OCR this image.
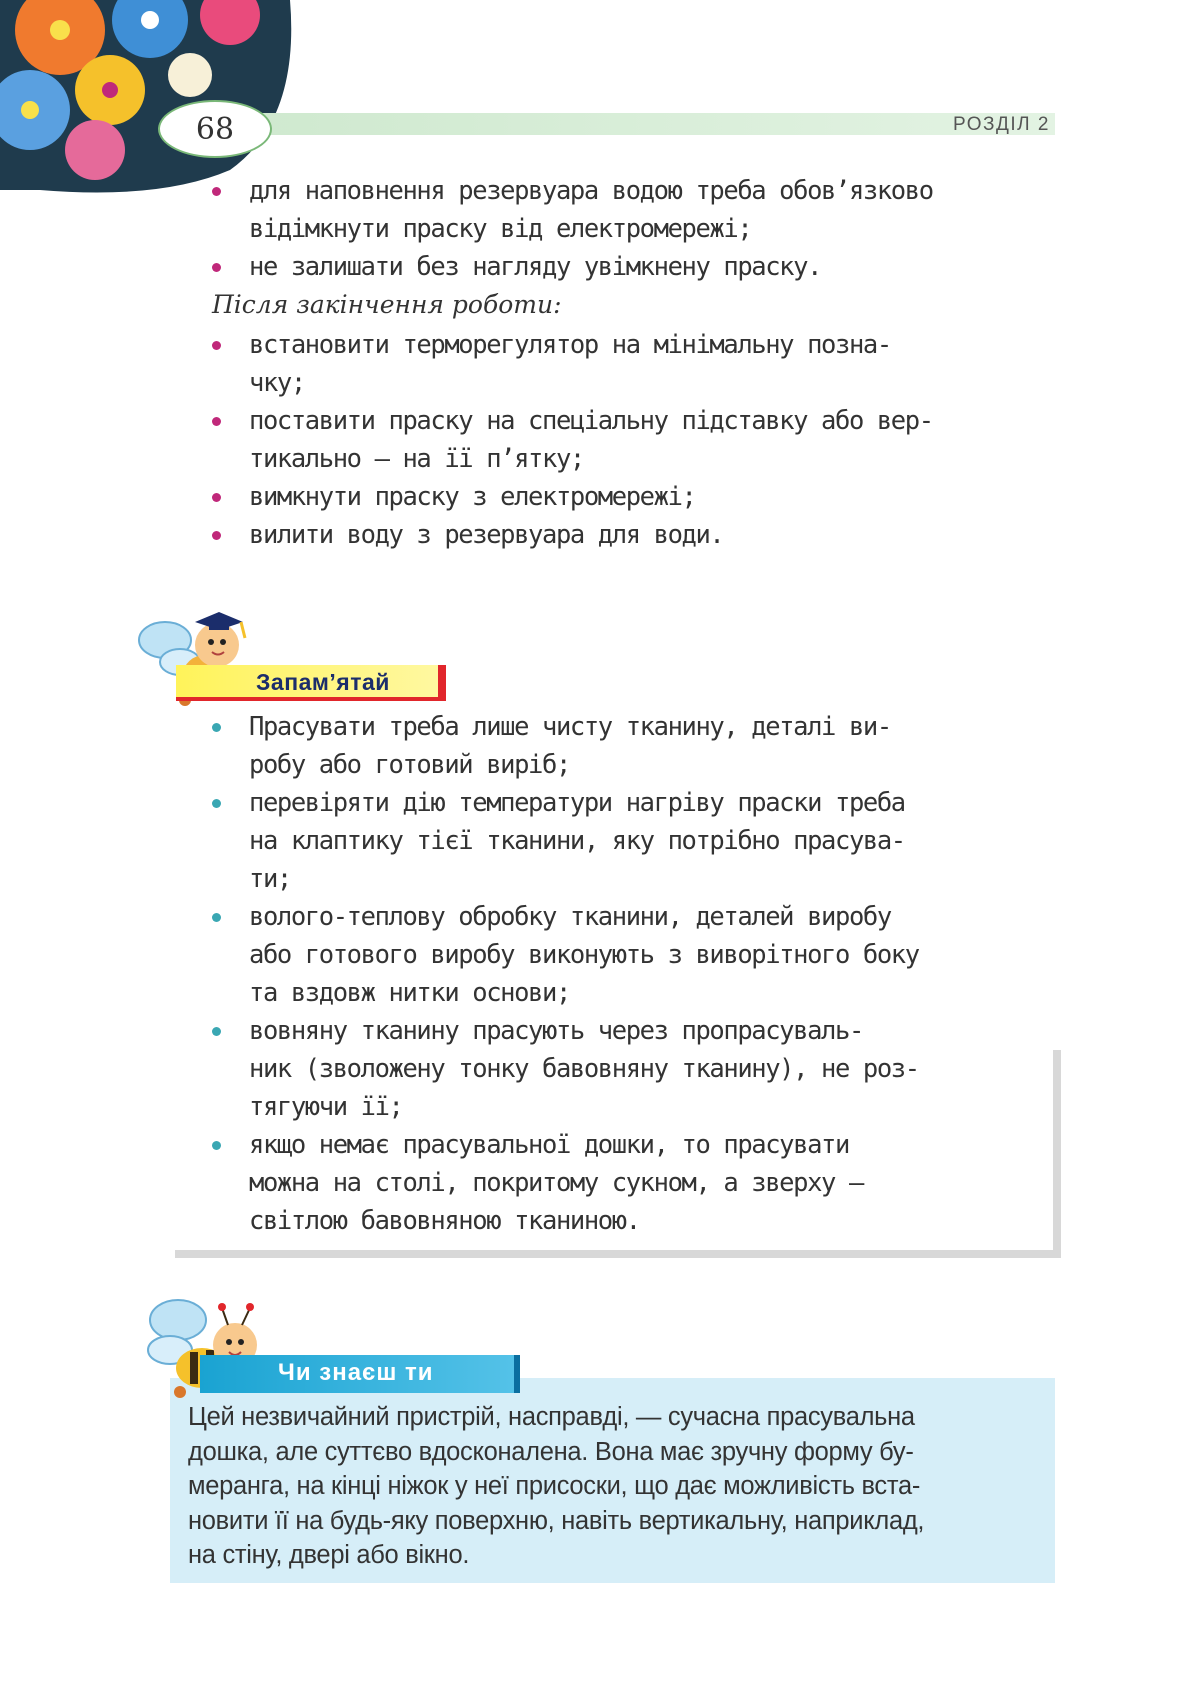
68	РОЗДІЛ 2
для наповнення резервуара водою треба обов’язково
відімкнути праску від електромережі;
не залишати без нагляду увімкнену праску.
Після закінчення роботи:
встановити терморегулятор на мінімальну позна-
чку;
поставити праску на спеціальну підставку або вер-
тикально — на її п’ятку;
вимкнути праску з електромережі;
вилити воду з резервуара для води.
Запам’ятай
Прасувати треба лише чисту тканину, деталі ви-
робу або готовий виріб;
перевіряти дію температури нагріву праски треба
на клаптику тієї тканини, яку потрібно прасува-
ти;
волого-теплову обробку тканини, деталей виробу
або готового виробу виконують з виворітного боку
та вздовж нитки основи;
вовняну тканину прасують через пропрасуваль-
ник (зволожену тонку бавовняну тканину), не роз-
тягуючи її;
якщо немає прасувальної дошки, то прасувати
можна на столі, покритому сукном, а зверху —
світлою бавовняною тканиною.
Чи знаєш ти

Цей незвичайний пристрій, насправді, — сучасна прасувальна

дошка, але суттєво вдосконалена. Вона має зручну форму бу-

меранга, на кінці ніжок у неї присоски, що дає можливість вста-

новити її на будь-яку поверхню, навіть вертикальну, наприклад,

на стіну, двері або вікно.
